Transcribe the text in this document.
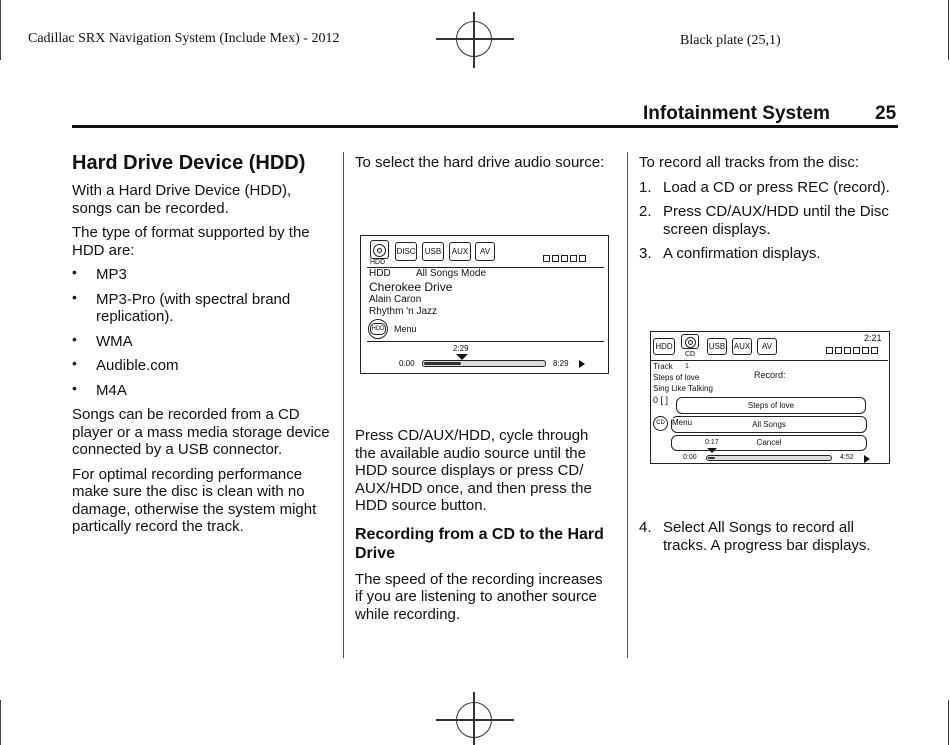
Cadillac SRX Navigation System (Include Mex) - 2012	Black plate (25,1)
Infotainment System 25
Hard Drive Device (HDD)

With a Hard Drive Device (HDD), songs can be recorded.

The type of format supported by the HDD are:

• MP3
• MP3-Pro (with spectral brand replication).
• WMA
• Audible.com
• M4A

Songs can be recorded from a CD player or a mass media storage device connected by a USB connector.

For optimal recording performance make sure the disc is clean with no damage, otherwise the system might partically record the track.

To select the hard drive audio source:

Press CD/AUX/HDD, cycle through the available audio source until the HDD source displays or press CD/ AUX/HDD once, and then press the HDD source button.

Recording from a CD to the Hard Drive

The speed of the recording increases if you are listening to another source while recording.

HDD
DISC	USB	AUX	AV
HDD	All Songs Mode
Cherokee Drive
Alain Caron
Rhythm 'n Jazz
HDD Menu
2:29
0:00	8:29

To record all tracks from the disc:

1. Load a CD or press REC (record).
2. Press CD/AUX/HDD until the Disc screen displays.
3. A confirmation displays.
4. Select All Songs to record all tracks. A progress bar displays.
HDD
CD
USB AUX	AV
2:21
Track 1
Steps of love
Sing Like Talking
0 [ ]
Record:
Steps of love
All Songs
Cancel
CD Menu
0:17
0:00	4:52
